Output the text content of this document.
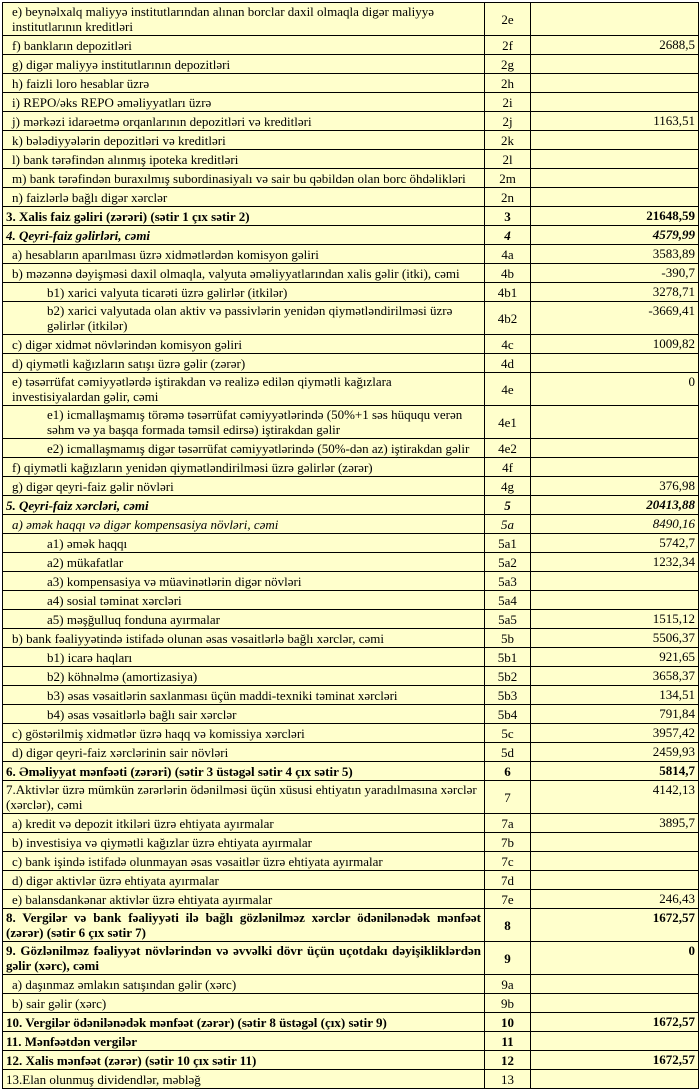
e) beynəlxalq maliyyə institutlarından alınan borclar daxil olmaqla digər maliyyə institutlarının kreditləri	2e	
f) bankların depozitləri	2f	2688,5
g) digər maliyyə institutlarının depozitləri	2g	
h) faizli loro hesablar üzrə	2h	
i) REPO/əks REPO əməliyyatları üzrə	2i	
j) mərkəzi idarəetmə orqanlarının depozitləri və kreditləri	2j	1163,51
k) bələdiyyələrin depozitləri və kreditləri	2k	
l) bank tərəfindən alınmış ipoteka kreditləri	2l	
m) bank tərəfindən buraxılmış subordinasiyalı və sair bu qəbildən olan borc öhdəlikləri	2m	
n) faizlərlə bağlı digər xərclər	2n	
3. Xalis faiz gəliri (zərəri) (sətir 1 çıx sətir 2)	3	21648,59
4. Qeyri-faiz gəlirləri, cəmi	4	4579,99
a) hesabların aparılması üzrə xidmətlərdən komisyon gəliri	4a	3583,89
b) məzənnə dəyişməsi daxil olmaqla, valyuta əməliyyatlarından xalis gəlir (itki), cəmi	4b	-390,7
b1) xarici valyuta ticarəti üzrə gəlirlər (itkilər)	4b1	3278,71
b2) xarici valyutada olan aktiv və passivlərin yenidən qiymətləndirilməsi üzrə gəlirlər (itkilər)	4b2	-3669,41
c) digər xidmət növlərindən komisyon gəliri	4c	1009,82
d) qiymətli kağızların satışı üzrə gəlir (zərər)	4d	
e) təsərrüfat cəmiyyətlərdə iştirakdan və realizə edilən qiymətli kağızlara investisiyalardan gəlir, cəmi	4e	0
e1) icmallaşmamış törəmə təsərrüfat cəmiyyətlərində (50%+1 səs hüququ verən səhm və ya başqa formada təmsil edirsə) iştirakdan gəlir	4e1	
e2) icmallaşmamış digər təsərrüfat cəmiyyətlərində (50%-dən az) iştirakdan gəlir	4e2	
f) qiymətli kağızların yenidən qiymətləndirilməsi üzrə gəlirlər (zərər)	4f	
g) digər qeyri-faiz gəlir növləri	4g	376,98
5. Qeyri-faiz xərcləri, cəmi	5	20413,88
a) əmək haqqı və digər kompensasiya növləri, cəmi	5a	8490,16
a1) əmək haqqı	5a1	5742,7
a2) mükafatlar	5a2	1232,34
a3) kompensasiya və müavinətlərin digər növləri	5a3	
a4) sosial təminat xərcləri	5a4	
a5) məşğulluq fonduna ayırmalar	5a5	1515,12
b) bank fəaliyyətində istifadə olunan əsas vəsaitlərlə bağlı xərclər, cəmi	5b	5506,37
b1) icarə haqları	5b1	921,65
b2) köhnəlmə (amortizasiya)	5b2	3658,37
b3) əsas vəsaitlərin saxlanması üçün maddi-texniki təminat xərcləri	5b3	134,51
b4) əsas vəsaitlərlə bağlı sair xərclər	5b4	791,84
c) göstərilmiş xidmətlər üzrə haqq və komissiya xərcləri	5c	3957,42
d) digər qeyri-faiz xərclərinin sair növləri	5d	2459,93
6. Əməliyyat mənfəəti (zərəri) (sətir 3 üstəgəl sətir 4 çıx sətir 5)	6	5814,7
7.Aktivlər üzrə mümkün zərərlərin ödənilməsi üçün xüsusi ehtiyatın yaradılmasına xərclər (xərclər), cəmi	7	4142,13
a) kredit və depozit itkiləri üzrə ehtiyata ayırmalar	7a	3895,7
b) investisiya və qiymətli kağızlar üzrə ehtiyata ayırmalar	7b	
c) bank işində istifadə olunmayan əsas vəsaitlər üzrə ehtiyata ayırmalar	7c	
d) digər aktivlər üzrə ehtiyata ayırmalar	7d	
e) balansdankənar aktivlər üzrə ehtiyata ayırmalar	7e	246,43
8. Vergilər və bank fəaliyyəti ilə bağlı gözlənilməz xərclər ödənilənədək mənfəət (zərər) (sətir 6 çıx sətir 7)	8	1672,57
9. Gözlənilməz fəaliyyət növlərindən və əvvəlki dövr üçün uçotdakı dəyişikliklərdən gəlir (xərc), cəmi	9	0
a) daşınmaz əmlakın satışından gəlir (xərc)	9a	
b) sair gəlir (xərc)	9b	
10. Vergilər ödənilənədək mənfəət (zərər) (sətir 8 üstəgəl (çıx) sətir 9)	10	1672,57
11. Mənfəətdən vergilər	11	
12. Xalis mənfəət (zərər) (sətir 10 çıx sətir 11)	12	1672,57
13.Elan olunmuş dividendlər, məbləğ	13	
